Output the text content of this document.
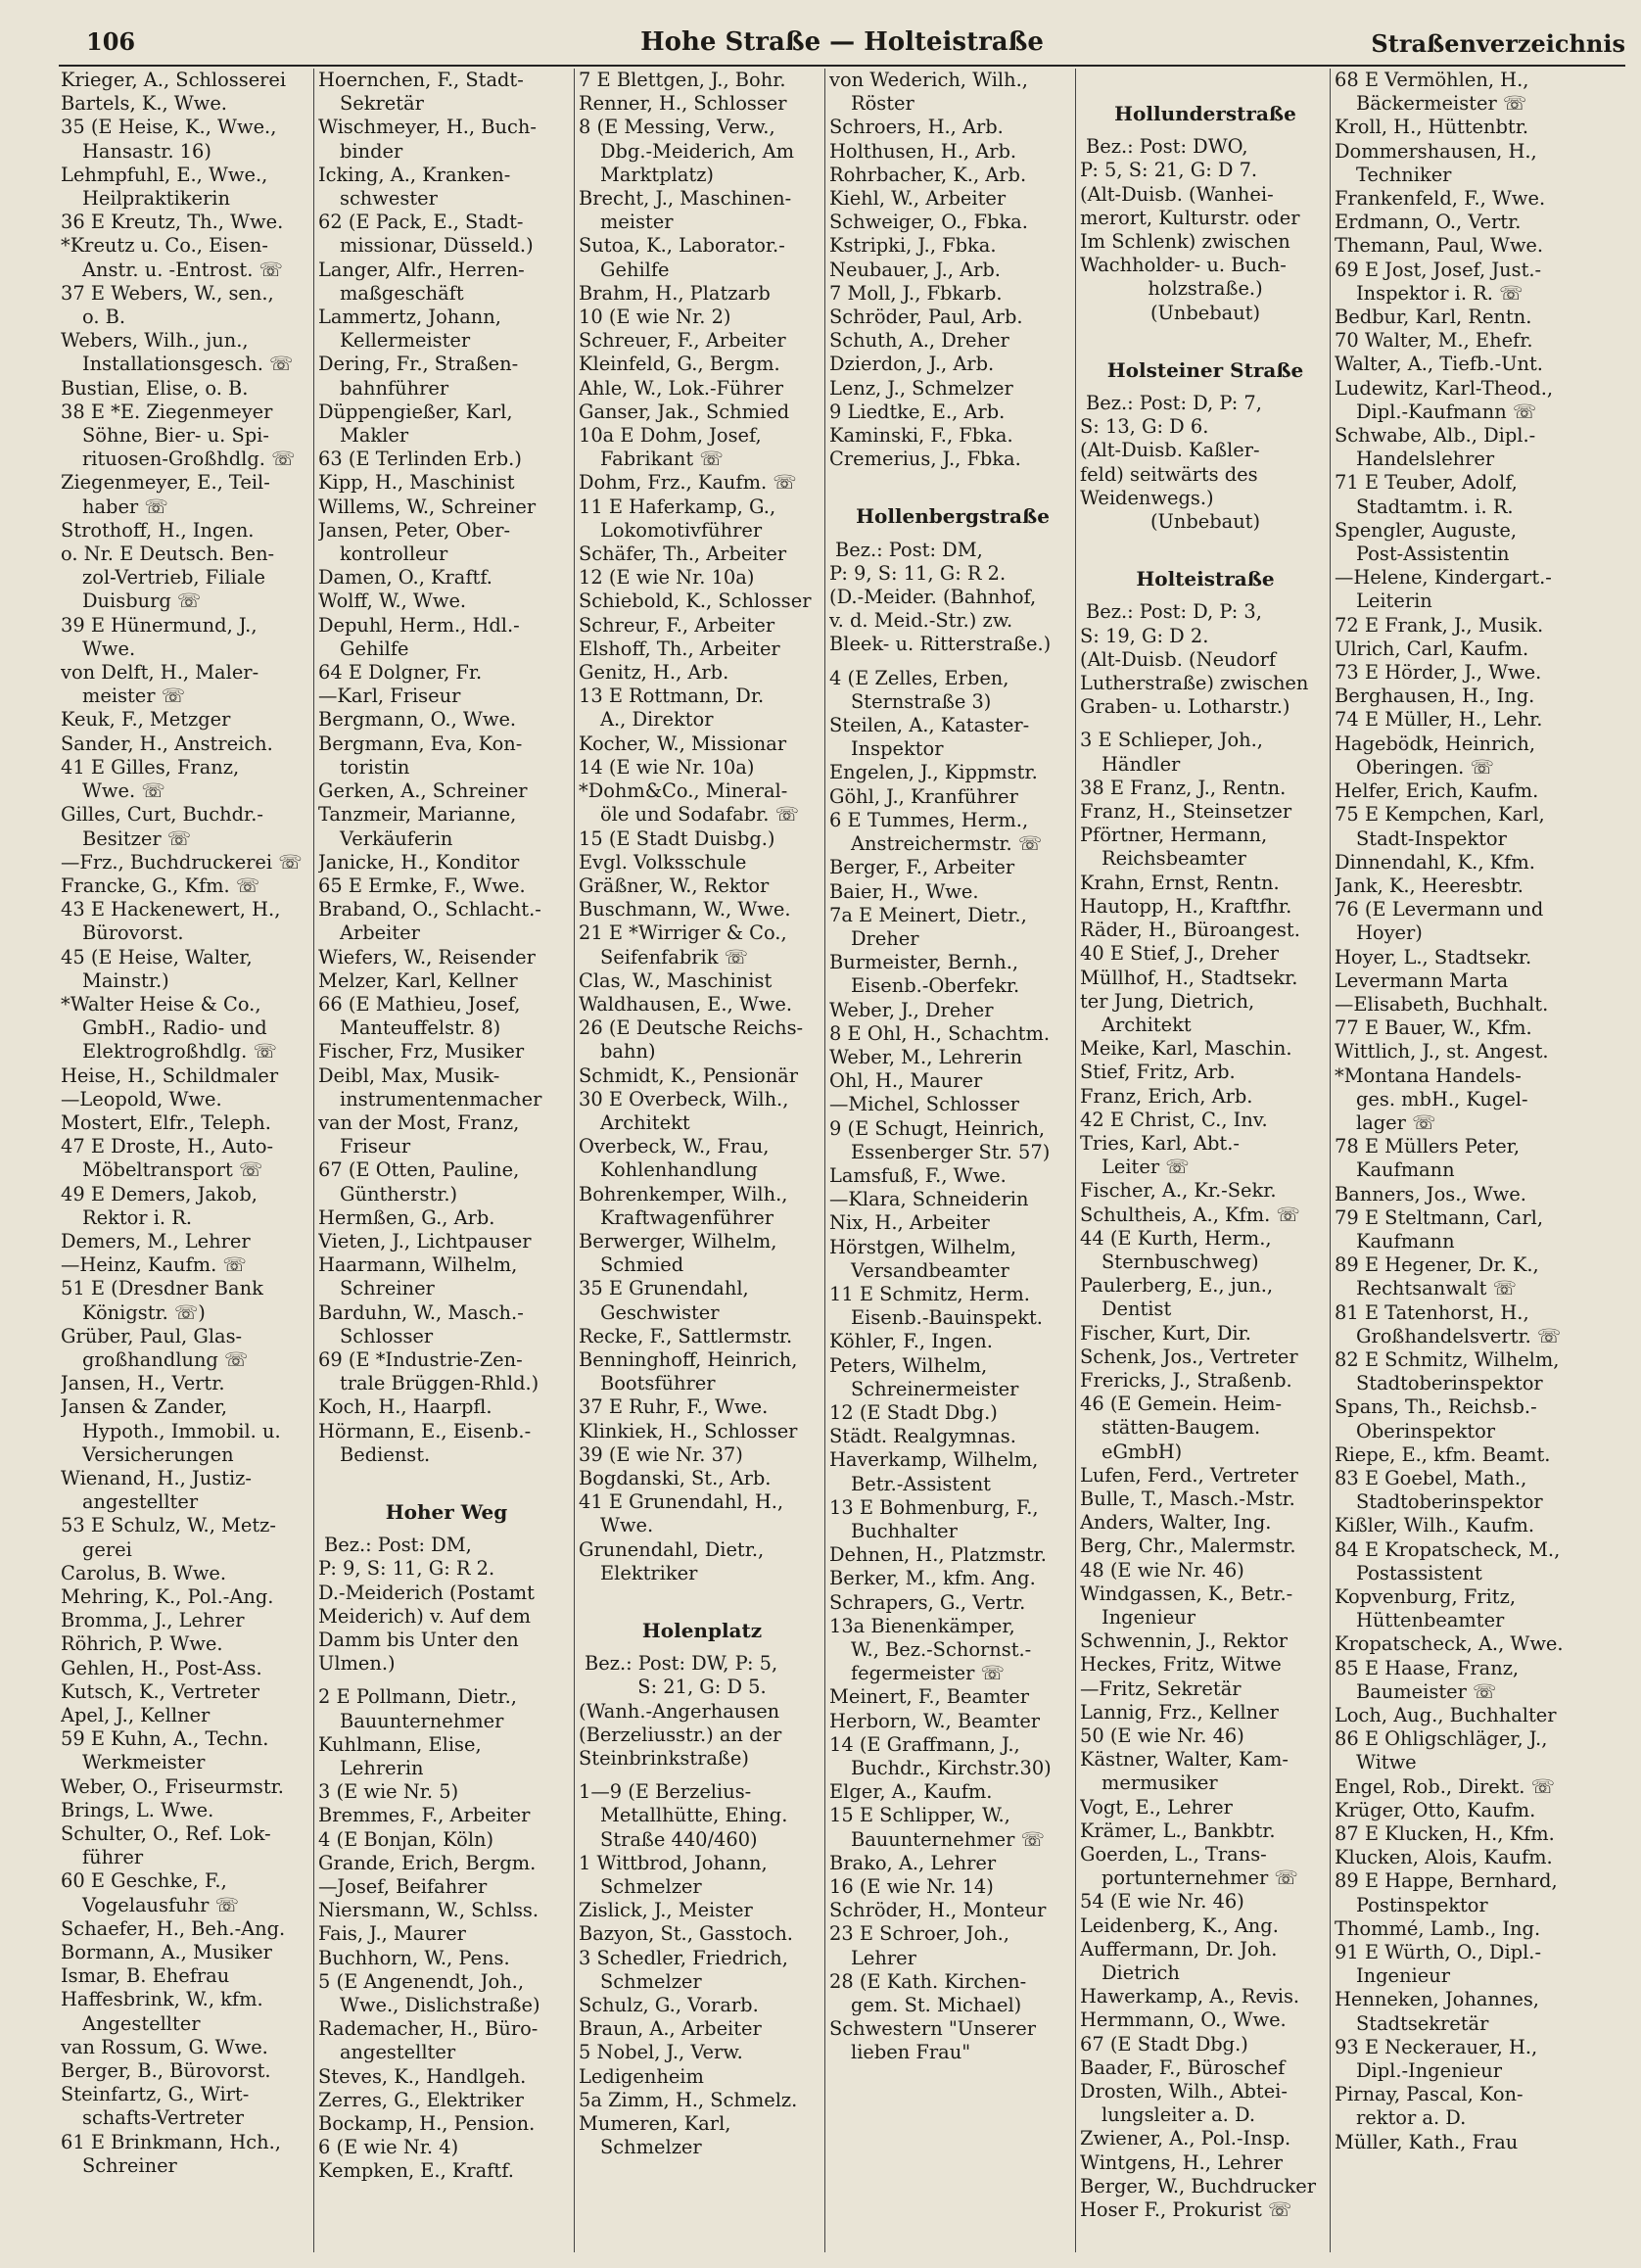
106	Hohe Straße — Holteistraße	Straßenverzeichnis
Krieger, A., Schlosserei
Bartels, K., Wwe.
35 (E Heise, K., Wwe.,
Hansastr. 16)
Lehmpfuhl, E., Wwe.,
Heilpraktikerin
36 E Kreutz, Th., Wwe.
*Kreutz u. Co., Eisen-
Anstr. u. -Entrost. ☏
37 E Webers, W., sen.,
o. B.
Webers, Wilh., jun.,
Installationsgesch. ☏
Bustian, Elise, o. B.
38 E *E. Ziegenmeyer
Söhne, Bier- u. Spi-
rituosen-Großhdlg. ☏
Ziegenmeyer, E., Teil-
haber ☏
Strothoff, H., Ingen.
o. Nr. E Deutsch. Ben-
zol-Vertrieb, Filiale
Duisburg ☏
39 E Hünermund, J.,
Wwe.
von Delft, H., Maler-
meister ☏
Keuk, F., Metzger
Sander, H., Anstreich.
41 E Gilles, Franz,
Wwe. ☏
Gilles, Curt, Buchdr.-
Besitzer ☏
—Frz., Buchdruckerei ☏
Francke, G., Kfm. ☏
43 E Hackenewert, H.,
Bürovorst.
45 (E Heise, Walter,
Mainstr.)
*Walter Heise & Co.,
GmbH., Radio- und
Elektrogroßhdlg. ☏
Heise, H., Schildmaler
—Leopold, Wwe.
Mostert, Elfr., Teleph.
47 E Droste, H., Auto-
Möbeltransport ☏
49 E Demers, Jakob,
Rektor i. R.
Demers, M., Lehrer
—Heinz, Kaufm. ☏
51 E (Dresdner Bank
Königstr. ☏)
Grüber, Paul, Glas-
großhandlung ☏
Jansen, H., Vertr.
Jansen & Zander,
Hypoth., Immobil. u.
Versicherungen
Wienand, H., Justiz-
angestellter
53 E Schulz, W., Metz-
gerei
Carolus, B. Wwe.
Mehring, K., Pol.-Ang.
Bromma, J., Lehrer
Röhrich, P. Wwe.
Gehlen, H., Post-Ass.
Kutsch, K., Vertreter
Apel, J., Kellner
59 E Kuhn, A., Techn.
Werkmeister
Weber, O., Friseurmstr.
Brings, L. Wwe.
Schulter, O., Ref. Lok-
führer
60 E Geschke, F.,
Vogelausfuhr ☏
Schaefer, H., Beh.-Ang.
Bormann, A., Musiker
Ismar, B. Ehefrau
Haffesbrink, W., kfm.
Angestellter
van Rossum, G. Wwe.
Berger, B., Bürovorst.
Steinfartz, G., Wirt-
schafts-Vertreter
61 E Brinkmann, Hch.,
Schreiner
Hoernchen, F., Stadt-
Sekretär
Wischmeyer, H., Buch-
binder
Icking, A., Kranken-
schwester
62 (E Pack, E., Stadt-
missionar, Düsseld.)
Langer, Alfr., Herren-
maßgeschäft
Lammertz, Johann,
Kellermeister
Dering, Fr., Straßen-
bahnführer
Düppengießer, Karl,
Makler
63 (E Terlinden Erb.)
Kipp, H., Maschinist
Willems, W., Schreiner
Jansen, Peter, Ober-
kontrolleur
Damen, O., Kraftf.
Wolff, W., Wwe.
Depuhl, Herm., Hdl.-
Gehilfe
64 E Dolgner, Fr.
—Karl, Friseur
Bergmann, O., Wwe.
Bergmann, Eva, Kon-
toristin
Gerken, A., Schreiner
Tanzmeir, Marianne,
Verkäuferin
Janicke, H., Konditor
65 E Ermke, F., Wwe.
Braband, O., Schlacht.-
Arbeiter
Wiefers, W., Reisender
Melzer, Karl, Kellner
66 (E Mathieu, Josef,
Manteuffelstr. 8)
Fischer, Frz, Musiker
Deibl, Max, Musik-
instrumentenmacher
van der Most, Franz,
Friseur
67 (E Otten, Pauline,
Güntherstr.)
Hermßen, G., Arb.
Vieten, J., Lichtpauser
Haarmann, Wilhelm,
Schreiner
Barduhn, W., Masch.-
Schlosser
69 (E *Industrie-Zen-
trale Brüggen-Rhld.)
Koch, H., Haarpfl.
Hörmann, E., Eisenb.-
Bedienst.
Hoher Weg
Bez.: Post: DM,
P: 9, S: 11, G: R 2.
D.-Meiderich (Postamt
Meiderich) v. Auf dem
Damm bis Unter den
Ulmen.)
2 E Pollmann, Dietr.,
Bauunternehmer
Kuhlmann, Elise,
Lehrerin
3 (E wie Nr. 5)
Bremmes, F., Arbeiter
4 (E Bonjan, Köln)
Grande, Erich, Bergm.
—Josef, Beifahrer
Niersmann, W., Schlss.
Fais, J., Maurer
Buchhorn, W., Pens.
5 (E Angenendt, Joh.,
Wwe., Dislichstraße)
Rademacher, H., Büro-
angestellter
Steves, K., Handlgeh.
Zerres, G., Elektriker
Bockamp, H., Pension.
6 (E wie Nr. 4)
Kempken, E., Kraftf.
7 E Blettgen, J., Bohr.
Renner, H., Schlosser
8 (E Messing, Verw.,
Dbg.-Meiderich, Am
Marktplatz)
Brecht, J., Maschinen-
meister
Sutoa, K., Laborator.-
Gehilfe
Brahm, H., Platzarb
10 (E wie Nr. 2)
Schreuer, F., Arbeiter
Kleinfeld, G., Bergm.
Ahle, W., Lok.-Führer
Ganser, Jak., Schmied
10a E Dohm, Josef,
Fabrikant ☏
Dohm, Frz., Kaufm. ☏
11 E Haferkamp, G.,
Lokomotivführer
Schäfer, Th., Arbeiter
12 (E wie Nr. 10a)
Schiebold, K., Schlosser
Schreur, F., Arbeiter
Elshoff, Th., Arbeiter
Genitz, H., Arb.
13 E Rottmann, Dr.
A., Direktor
Kocher, W., Missionar
14 (E wie Nr. 10a)
*Dohm&Co., Mineral-
öle und Sodafabr. ☏
15 (E Stadt Duisbg.)
Evgl. Volksschule
Gräßner, W., Rektor
Buschmann, W., Wwe.
21 E *Wirriger & Co.,
Seifenfabrik ☏
Clas, W., Maschinist
Waldhausen, E., Wwe.
26 (E Deutsche Reichs-
bahn)
Schmidt, K., Pensionär
30 E Overbeck, Wilh.,
Architekt
Overbeck, W., Frau,
Kohlenhandlung
Bohrenkemper, Wilh.,
Kraftwagenführer
Berwerger, Wilhelm,
Schmied
35 E Grunendahl,
Geschwister
Recke, F., Sattlermstr.
Benninghoff, Heinrich,
Bootsführer
37 E Ruhr, F., Wwe.
Klinkiek, H., Schlosser
39 (E wie Nr. 37)
Bogdanski, St., Arb.
41 E Grunendahl, H.,
Wwe.
Grunendahl, Dietr.,
Elektriker
Holenplatz
Bez.: Post: DW, P: 5,
S: 21, G: D 5.
(Wanh.-Angerhausen
(Berzeliusstr.) an der
Steinbrinkstraße)
1—9 (E Berzelius-
Metallhütte, Ehing.
Straße 440/460)
1 Wittbrod, Johann,
Schmelzer
Zislick, J., Meister
Bazyon, St., Gasstoch.
3 Schedler, Friedrich,
Schmelzer
Schulz, G., Vorarb.
Braun, A., Arbeiter
5 Nobel, J., Verw.
Ledigenheim
5a Zimm, H., Schmelz.
Mumeren, Karl,
Schmelzer
von Wederich, Wilh.,
Röster
Schroers, H., Arb.
Holthusen, H., Arb.
Rohrbacher, K., Arb.
Kiehl, W., Arbeiter
Schweiger, O., Fbka.
Kstripki, J., Fbka.
Neubauer, J., Arb.
7 Moll, J., Fbkarb.
Schröder, Paul, Arb.
Schuth, A., Dreher
Dzierdon, J., Arb.
Lenz, J., Schmelzer
9 Liedtke, E., Arb.
Kaminski, F., Fbka.
Cremerius, J., Fbka.
Hollenbergstraße
Bez.: Post: DM,
P: 9, S: 11, G: R 2.
(D.-Meider. (Bahnhof,
v. d. Meid.-Str.) zw.
Bleek- u. Ritterstraße.)
4 (E Zelles, Erben,
Sternstraße 3)
Steilen, A., Kataster-
Inspektor
Engelen, J., Kippmstr.
Göhl, J., Kranführer
6 E Tummes, Herm.,
Anstreichermstr. ☏
Berger, F., Arbeiter
Baier, H., Wwe.
7a E Meinert, Dietr.,
Dreher
Burmeister, Bernh.,
Eisenb.-Oberfekr.
Weber, J., Dreher
8 E Ohl, H., Schachtm.
Weber, M., Lehrerin
Ohl, H., Maurer
—Michel, Schlosser
9 (E Schugt, Heinrich,
Essenberger Str. 57)
Lamsfuß, F., Wwe.
—Klara, Schneiderin
Nix, H., Arbeiter
Hörstgen, Wilhelm,
Versandbeamter
11 E Schmitz, Herm.
Eisenb.-Bauinspekt.
Köhler, F., Ingen.
Peters, Wilhelm,
Schreinermeister
12 (E Stadt Dbg.)
Städt. Realgymnas.
Haverkamp, Wilhelm,
Betr.-Assistent
13 E Bohmenburg, F.,
Buchhalter
Dehnen, H., Platzmstr.
Berker, M., kfm. Ang.
Schrapers, G., Vertr.
13a Bienenkämper,
W., Bez.-Schornst.-
fegermeister ☏
Meinert, F., Beamter
Herborn, W., Beamter
14 (E Graffmann, J.,
Buchdr., Kirchstr.30)
Elger, A., Kaufm.
15 E Schlipper, W.,
Bauunternehmer ☏
Brako, A., Lehrer
16 (E wie Nr. 14)
Schröder, H., Monteur
23 E Schroer, Joh.,
Lehrer
28 (E Kath. Kirchen-
gem. St. Michael)
Schwestern "Unserer
lieben Frau"
Hollunderstraße
Bez.: Post: DWO,
P: 5, S: 21, G: D 7.
(Alt-Duisb. (Wanhei-
merort, Kulturstr. oder
Im Schlenk) zwischen
Wachholder- u. Buch-
holzstraße.)
(Unbebaut)
Holsteiner Straße
Bez.: Post: D, P: 7,
S: 13, G: D 6.
(Alt-Duisb. Kaßler-
feld) seitwärts des
Weidenwegs.)
(Unbebaut)
Holteistraße
Bez.: Post: D, P: 3,
S: 19, G: D 2.
(Alt-Duisb. (Neudorf
Lutherstraße) zwischen
Graben- u. Lotharstr.)
3 E Schlieper, Joh.,
Händler
38 E Franz, J., Rentn.
Franz, H., Steinsetzer
Pförtner, Hermann,
Reichsbeamter
Krahn, Ernst, Rentn.
Hautopp, H., Kraftfhr.
Räder, H., Büroangest.
40 E Stief, J., Dreher
Müllhof, H., Stadtsekr.
ter Jung, Dietrich,
Architekt
Meike, Karl, Maschin.
Stief, Fritz, Arb.
Franz, Erich, Arb.
42 E Christ, C., Inv.
Tries, Karl, Abt.-
Leiter ☏
Fischer, A., Kr.-Sekr.
Schultheis, A., Kfm. ☏
44 (E Kurth, Herm.,
Sternbuschweg)
Paulerberg, E., jun.,
Dentist
Fischer, Kurt, Dir.
Schenk, Jos., Vertreter
Frericks, J., Straßenb.
46 (E Gemein. Heim-
stätten-Baugem.
eGmbH)
Lufen, Ferd., Vertreter
Bulle, T., Masch.-Mstr.
Anders, Walter, Ing.
Berg, Chr., Malermstr.
48 (E wie Nr. 46)
Windgassen, K., Betr.-
Ingenieur
Schwennin, J., Rektor
Heckes, Fritz, Witwe
—Fritz, Sekretär
Lannig, Frz., Kellner
50 (E wie Nr. 46)
Kästner, Walter, Kam-
mermusiker
Vogt, E., Lehrer
Krämer, L., Bankbtr.
Goerden, L., Trans-
portunternehmer ☏
54 (E wie Nr. 46)
Leidenberg, K., Ang.
Auffermann, Dr. Joh.
Dietrich
Hawerkamp, A., Revis.
Hermmann, O., Wwe.
67 (E Stadt Dbg.)
Baader, F., Büroschef
Drosten, Wilh., Abtei-
lungsleiter a. D.
Zwiener, A., Pol.-Insp.
Wintgens, H., Lehrer
Berger, W., Buchdrucker
Hoser F., Prokurist ☏
68 E Vermöhlen, H.,
Bäckermeister ☏
Kroll, H., Hüttenbtr.
Dommershausen, H.,
Techniker
Frankenfeld, F., Wwe.
Erdmann, O., Vertr.
Themann, Paul, Wwe.
69 E Jost, Josef, Just.-
Inspektor i. R. ☏
Bedbur, Karl, Rentn.
70 Walter, M., Ehefr.
Walter, A., Tiefb.-Unt.
Ludewitz, Karl-Theod.,
Dipl.-Kaufmann ☏
Schwabe, Alb., Dipl.-
Handelslehrer
71 E Teuber, Adolf,
Stadtamtm. i. R.
Spengler, Auguste,
Post-Assistentin
—Helene, Kindergart.-
Leiterin
72 E Frank, J., Musik.
Ulrich, Carl, Kaufm.
73 E Hörder, J., Wwe.
Berghausen, H., Ing.
74 E Müller, H., Lehr.
Hagebödk, Heinrich,
Oberingen. ☏
Helfer, Erich, Kaufm.
75 E Kempchen, Karl,
Stadt-Inspektor
Dinnendahl, K., Kfm.
Jank, K., Heeresbtr.
76 (E Levermann und
Hoyer)
Hoyer, L., Stadtsekr.
Levermann Marta
—Elisabeth, Buchhalt.
77 E Bauer, W., Kfm.
Wittlich, J., st. Angest.
*Montana Handels-
ges. mbH., Kugel-
lager ☏
78 E Müllers Peter,
Kaufmann
Banners, Jos., Wwe.
79 E Steltmann, Carl,
Kaufmann
89 E Hegener, Dr. K.,
Rechtsanwalt ☏
81 E Tatenhorst, H.,
Großhandelsvertr. ☏
82 E Schmitz, Wilhelm,
Stadtoberinspektor
Spans, Th., Reichsb.-
Oberinspektor
Riepe, E., kfm. Beamt.
83 E Goebel, Math.,
Stadtoberinspektor
Kißler, Wilh., Kaufm.
84 E Kropatscheck, M.,
Postassistent
Kopvenburg, Fritz,
Hüttenbeamter
Kropatscheck, A., Wwe.
85 E Haase, Franz,
Baumeister ☏
Loch, Aug., Buchhalter
86 E Ohligschläger, J.,
Witwe
Engel, Rob., Direkt. ☏
Krüger, Otto, Kaufm.
87 E Klucken, H., Kfm.
Klucken, Alois, Kaufm.
89 E Happe, Bernhard,
Postinspektor
Thommé, Lamb., Ing.
91 E Würth, O., Dipl.-
Ingenieur
Henneken, Johannes,
Stadtsekretär
93 E Neckerauer, H.,
Dipl.-Ingenieur
Pirnay, Pascal, Kon-
rektor a. D.
Müller, Kath., Frau
